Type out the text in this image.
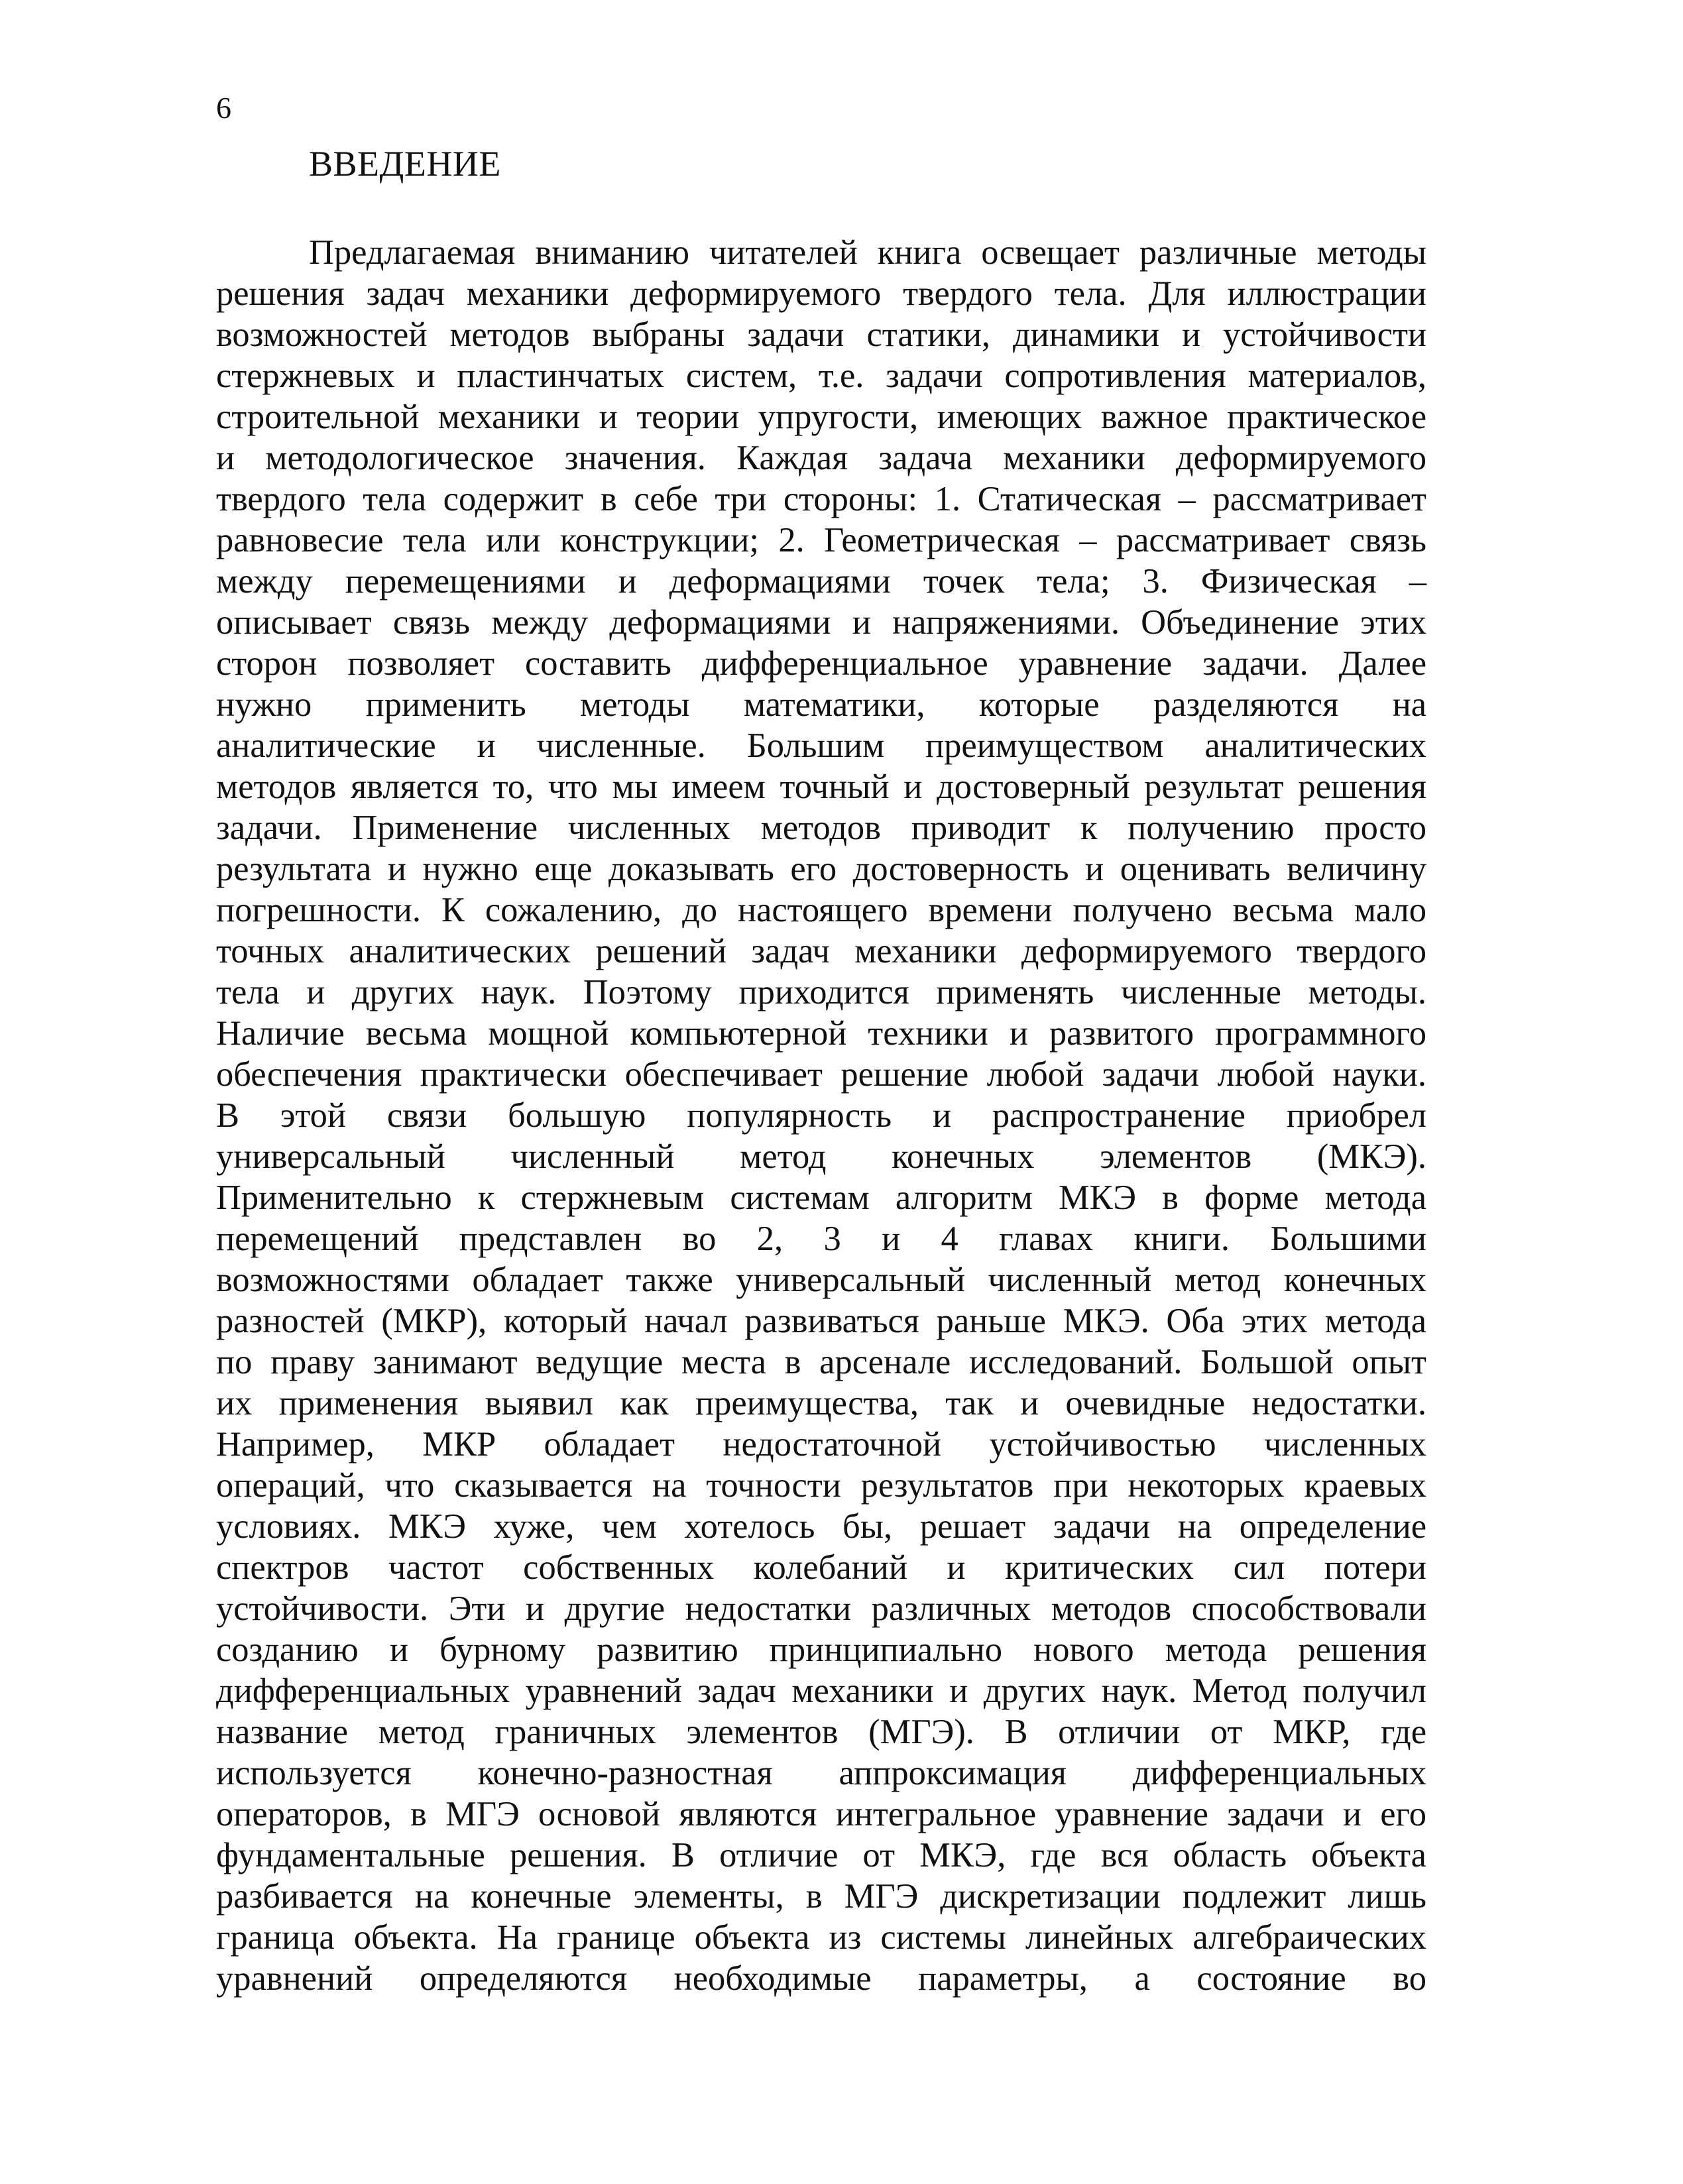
6
ВВЕДЕНИЕ
Предлагаемая вниманию читателей книга освещает различные методы
решения задач механики деформируемого твердого тела. Для иллюстрации
возможностей методов выбраны задачи статики, динамики и устойчивости
стержневых и пластинчатых систем, т.е. задачи сопротивления материалов,
строительной механики и теории упругости, имеющих важное практическое
и методологическое значения. Каждая задача механики деформируемого
твердого тела содержит в себе три стороны: 1. Статическая – рассматривает
равновесие тела или конструкции; 2. Геометрическая – рассматривает связь
между перемещениями и деформациями точек тела; 3. Физическая –
описывает связь между деформациями и напряжениями. Объединение этих
сторон позволяет составить дифференциальное уравнение задачи. Далее
нужно применить методы математики, которые разделяются на
аналитические и численные. Большим преимуществом аналитических
методов является то, что мы имеем точный и достоверный результат решения
задачи. Применение численных методов приводит к получению просто
результата и нужно еще доказывать его достоверность и оценивать величину
погрешности. К сожалению, до настоящего времени получено весьма мало
точных аналитических решений задач механики деформируемого твердого
тела и других наук. Поэтому приходится применять численные методы.
Наличие весьма мощной компьютерной техники и развитого программного
обеспечения практически обеспечивает решение любой задачи любой науки.
В этой связи большую популярность и распространение приобрел
универсальный численный метод конечных элементов (МКЭ).
Применительно к стержневым системам алгоритм МКЭ в форме метода
перемещений представлен во 2, 3 и 4 главах книги. Большими
возможностями обладает также универсальный численный метод конечных
разностей (МКР), который начал развиваться раньше МКЭ. Оба этих метода
по праву занимают ведущие места в арсенале исследований. Большой опыт
их применения выявил как преимущества, так и очевидные недостатки.
Например, МКР обладает недостаточной устойчивостью численных
операций, что сказывается на точности результатов при некоторых краевых
условиях. МКЭ хуже, чем хотелось бы, решает задачи на определение
спектров частот собственных колебаний и критических сил потери
устойчивости. Эти и другие недостатки различных методов способствовали
созданию и бурному развитию принципиально нового метода решения
дифференциальных уравнений задач механики и других наук. Метод получил
название метод граничных элементов (МГЭ). В отличии от МКР, где
используется конечно-разностная аппроксимация дифференциальных
операторов, в МГЭ основой являются интегральное уравнение задачи и его
фундаментальные решения. В отличие от МКЭ, где вся область объекта
разбивается на конечные элементы, в МГЭ дискретизации подлежит лишь
граница объекта. На границе объекта из системы линейных алгебраических
уравнений определяются необходимые параметры, а состояние во
